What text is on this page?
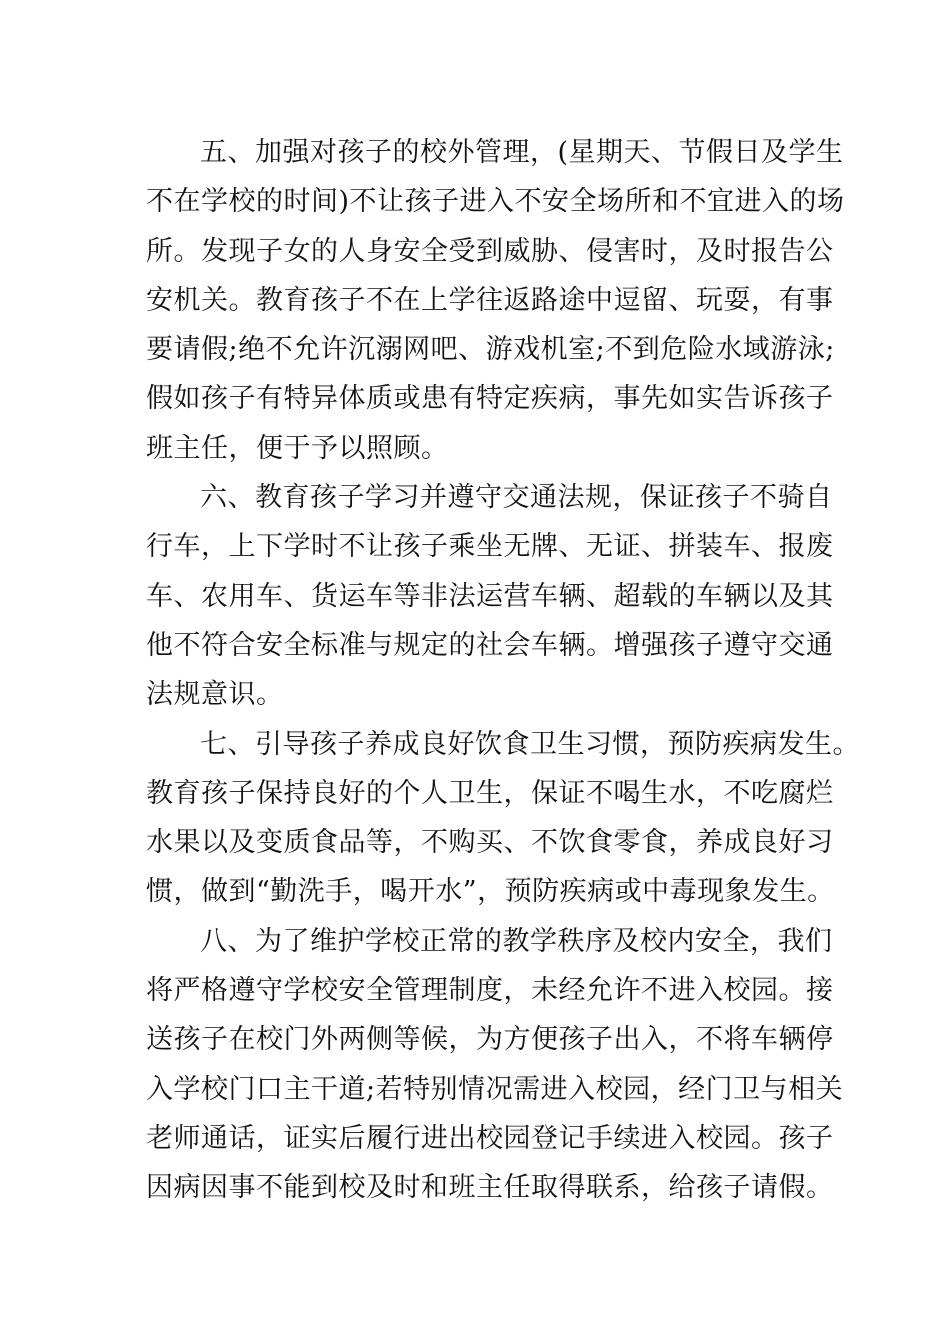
五、加强对孩子的校外管理，(星期天、节假日及学生
不在学校的时间)不让孩子进入不安全场所和不宜进入的场
所。发现子女的人身安全受到威胁、侵害时，及时报告公
安机关。教育孩子不在上学往返路途中逗留、玩耍，有事
要请假;绝不允许沉溺网吧、游戏机室;不到危险水域游泳;
假如孩子有特异体质或患有特定疾病，事先如实告诉孩子
班主任，便于予以照顾。
六、教育孩子学习并遵守交通法规，保证孩子不骑自
行车，上下学时不让孩子乘坐无牌、无证、拼装车、报废
车、农用车、货运车等非法运营车辆、超载的车辆以及其
他不符合安全标准与规定的社会车辆。增强孩子遵守交通
法规意识。
七、引导孩子养成良好饮食卫生习惯，预防疾病发生。
教育孩子保持良好的个人卫生，保证不喝生水，不吃腐烂
水果以及变质食品等，不购买、不饮食零食，养成良好习
惯，做到“勤洗手，喝开水”，预防疾病或中毒现象发生。
八、为了维护学校正常的教学秩序及校内安全，我们
将严格遵守学校安全管理制度，未经允许不进入校园。接
送孩子在校门外两侧等候，为方便孩子出入，不将车辆停
入学校门口主干道;若特别情况需进入校园，经门卫与相关
老师通话，证实后履行进出校园登记手续进入校园。孩子
因病因事不能到校及时和班主任取得联系，给孩子请假。
